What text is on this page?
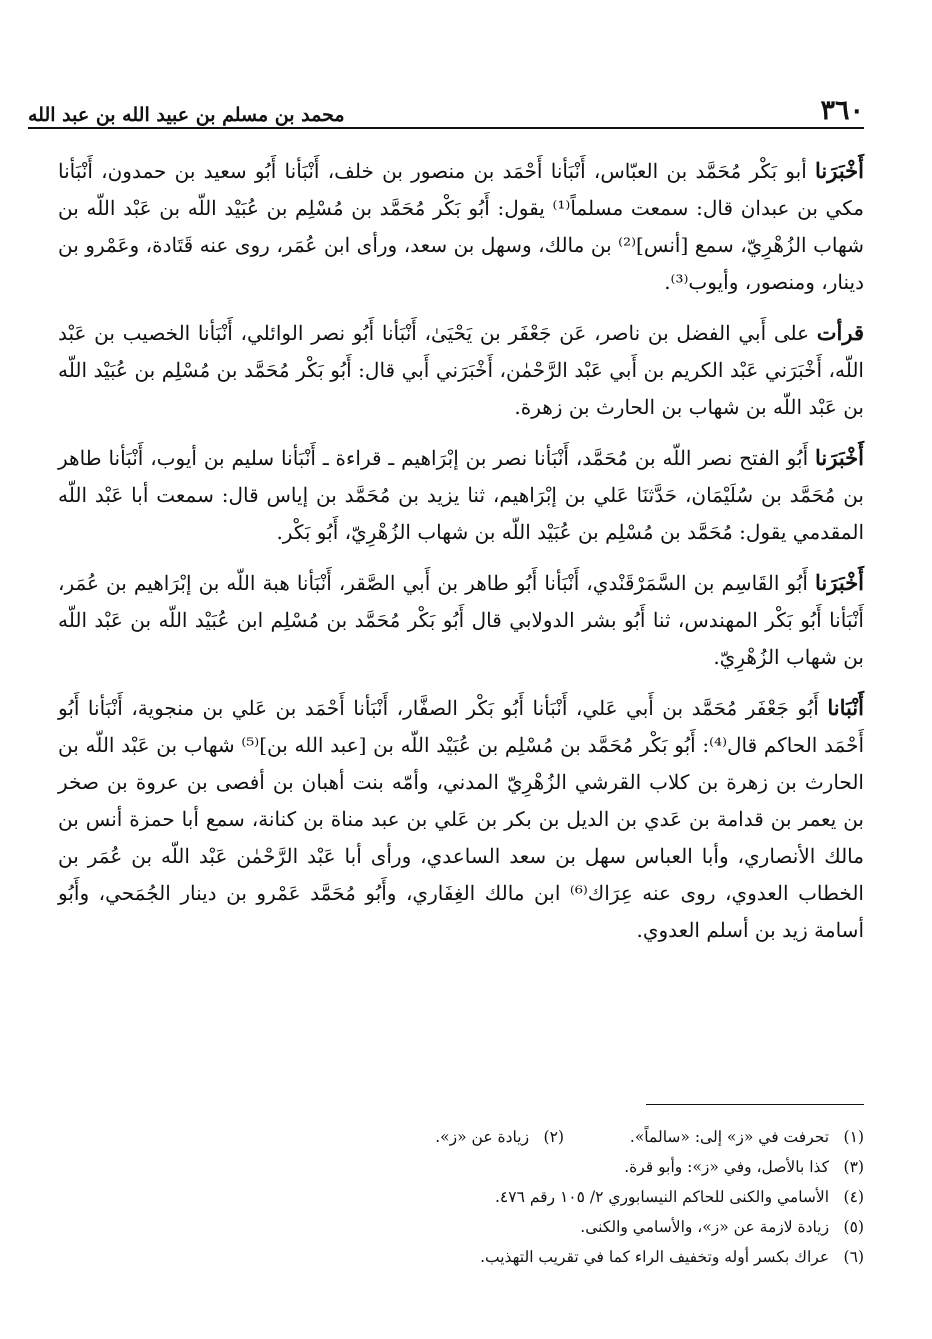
٣٦٠
محمد بن مسلم بن عبيد الله بن عبد الله

أَخْبَرَنا أبو بَكْر مُحَمَّد بن العبّاس، أَنْبَأنا أَحْمَد بن منصور بن خلف، أَنْبَأنا أَبُو سعيد بن حمدون، أَنْبَأنا مكي بن عبدان قال: سمعت مسلماً⁽¹⁾ يقول: أَبُو بَكْر مُحَمَّد بن مُسْلِم بن عُبَيْد اللّه بن عَبْد اللّه بن شهاب الزُهْرِيّ، سمع [أنس]⁽²⁾ بن مالك، وسهل بن سعد، ورأى ابن عُمَر، روى عنه قَتَادة، وعَمْرو بن دينار، ومنصور، وأيوب⁽³⁾.

قرأت على أَبي الفضل بن ناصر، عَن جَعْفَر بن يَحْيَىٰ، أَنْبَأنا أَبُو نصر الوائلي، أَنْبَأنا الخصيب بن عَبْد اللّه، أَخْبَرَني عَبْد الكريم بن أَبي عَبْد الرَّحْمٰن، أَخْبَرَني أَبي قال: أَبُو بَكْر مُحَمَّد بن مُسْلِم بن عُبَيْد اللّه بن عَبْد اللّه بن شهاب بن الحارث بن زهرة.

أَخْبَرَنا أَبُو الفتح نصر اللّه بن مُحَمَّد، أَنْبَأنا نصر بن إبْرَاهيم ـ قراءة ـ أَنْبَأنا سليم بن أيوب، أَنْبَأنا طاهر بن مُحَمَّد بن سُلَيْمَان، حَدَّثنَا عَلي بن إبْرَاهيم، ثنا يزيد بن مُحَمَّد بن إياس قال: سمعت أبا عَبْد اللّه المقدمي يقول: مُحَمَّد بن مُسْلِم بن عُبَيْد اللّه بن شهاب الزُهْرِيّ، أَبُو بَكْر.

أَخْبَرَنا أَبُو القَاسِم بن السَّمَرْقَنْدي، أَنْبَأنا أَبُو طاهر بن أَبي الصَّقر، أَنْبَأنا هبة اللّه بن إبْرَاهيم بن عُمَر، أَنْبَأنا أَبُو بَكْر المهندس، ثنا أَبُو بشر الدولابي قال أَبُو بَكْر مُحَمَّد بن مُسْلِم ابن عُبَيْد اللّه بن عَبْد اللّه بن شهاب الزُهْرِيّ.

أَنْبَانا أَبُو جَعْفَر مُحَمَّد بن أَبي عَلي، أَنْبَأنا أَبُو بَكْر الصفَّار، أَنْبَأنا أَحْمَد بن عَلي بن منجوية، أَنْبَأنا أَبُو أَحْمَد الحاكم قال⁽⁴⁾: أَبُو بَكْر مُحَمَّد بن مُسْلِم بن عُبَيْد اللّه بن [عبد الله بن]⁽⁵⁾ شهاب بن عَبْد اللّه بن الحارث بن زهرة بن كلاب القرشي الزُهْرِيّ المدني، وأمّه بنت أهبان بن أفصى بن عروة بن صخر بن يعمر بن قدامة بن عَدي بن الديل بن بكر بن عَلي بن عبد مناة بن كنانة، سمع أبا حمزة أنس بن مالك الأنصاري، وأبا العباس سهل بن سعد الساعدي، ورأى أبا عَبْد الرَّحْمٰن عَبْد اللّه بن عُمَر بن الخطاب العدوي، روى عنه عِرَاك⁽⁶⁾ ابن مالك الغِفَاري، وأَبُو مُحَمَّد عَمْرو بن دينار الجُمَحي، وأَبُو أسامة زيد بن أسلم العدوي.

(١) تحرفت في «ز» إلى: «سالماً».
(٢) زيادة عن «ز».
(٣) كذا بالأصل، وفي «ز»: وأبو قرة.
(٤) الأسامي والكنى للحاكم النيسابوري ٢/ ١٠٥ رقم ٤٧٦.
(٥) زيادة لازمة عن «ز»، والأسامي والكنى.
(٦) عراك بكسر أوله وتخفيف الراء كما في تقريب التهذيب.
